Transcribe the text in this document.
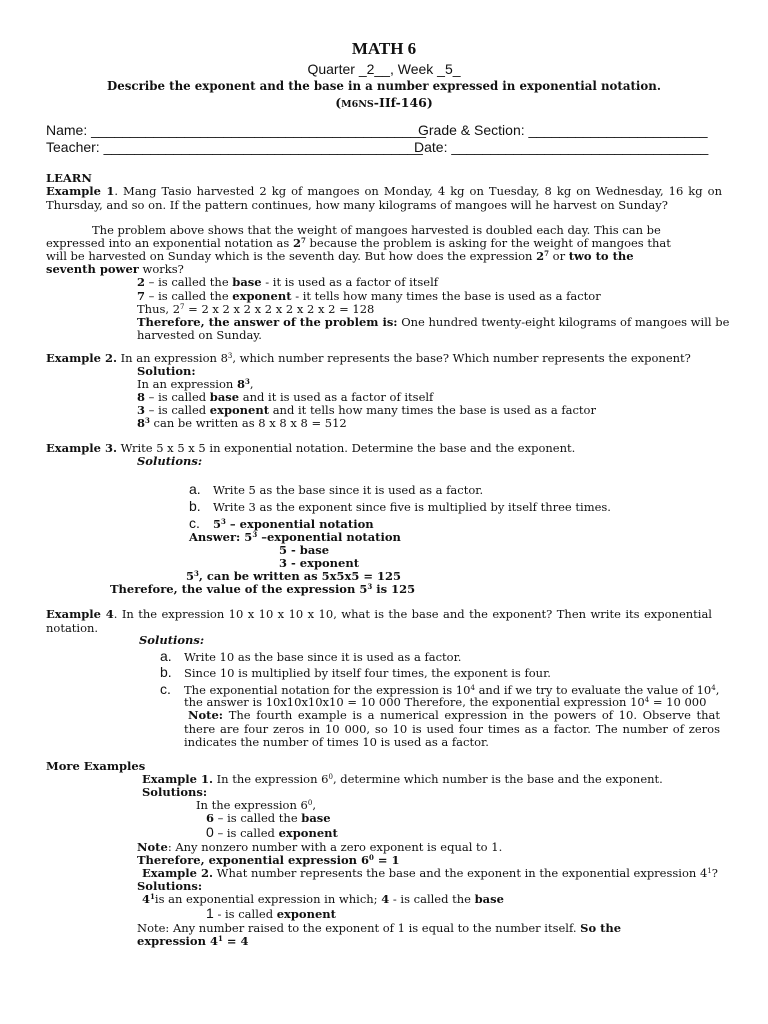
MATH 6
Quarter _2__, Week _5_
Describe the exponent and the base in a number expressed in exponential notation.
(M6NS-IIf-146)
Name: ___________________________________________
Grade & Section: _______________________
Teacher: _________________________________________
Date: _________________________________
LEARN
Example 1. Mang Tasio harvested 2 kg of mangoes on Monday, 4 kg on Tuesday, 8 kg on Wednesday, 16 kg on Thursday, and so on. If the pattern continues, how many kilograms of mangoes will he harvest on Sunday?
The problem above shows that the weight of mangoes harvested is doubled each day. This can be
expressed into an exponential notation as $2^7$ because the problem is asking for the weight of mangoes that
will be harvested on Sunday which is the seventh day. But how does the expression $2^7$ or two to the
seventh power works?
2 – is called the base - it is used as a factor of itself
7 – is called the exponent - it tells how many times the base is used as a factor
Thus, $2^7 = 2$ x 2 x 2 x 2 x 2 x 2 x 2 = 128
Therefore, the answer of the problem is: One hundred twenty-eight kilograms of mangoes will be
harvested on Sunday.
Example 2. In an expression $8^3$, which number represents the base? Which number represents the exponent?
Solution:
In an expression $8^3$,
8 – is called base and it is used as a factor of itself
3 – is called exponent and it tells how many times the base is used as a factor
$8^3$ can be written as 8 x 8 x 8 = 512
Example 3. Write 5 x 5 x 5 in exponential notation. Determine the base and the exponent.
Solutions:
a. Write 5 as the base since it is used as a factor.
b. Write 3 as the exponent since five is multiplied by itself three times.
c. $5^3$ – exponential notation
Answer: $5^3$ –exponential notation
5 - base
3 - exponent
$5^3$, can be written as 5x5x5 = 125
Therefore, the value of the expression $5^3$ is 125
Example 4. In the expression 10 x 10 x 10 x 10, what is the base and the exponent? Then write its exponential notation.
Solutions:
a. Write 10 as the base since it is used as a factor.
b. Since 10 is multiplied by itself four times, the exponent is four.
c. The exponential notation for the expression is $10^4$ and if we try to evaluate the value of $10^4$,
the answer is 10x10x10x10 = 10 000 Therefore, the exponential expression $10^4 = 10$ 000
Note: The fourth example is a numerical expression in the powers of 10. Observe that there are four zeros in 10 000, so 10 is used four times as a factor. The number of zeros indicates the number of times 10 is used as a factor.
More Examples
Example 1. In the expression $6^0$, determine which number is the base and the exponent.
Solutions:
In the expression $6^0$,
6 – is called the base
0 – is called exponent
Note: Any nonzero number with a zero exponent is equal to 1.
Therefore, exponential expression $6^0 = 1$
Example 2. What number represents the base and the exponent in the exponential expression $4^1$?
Solutions:
$4^1is$ an exponential expression in which; 4 - is called the base
1 - is called exponent
Note: Any number raised to the exponent of 1 is equal to the number itself. So the
expression $4^1 = 4$
